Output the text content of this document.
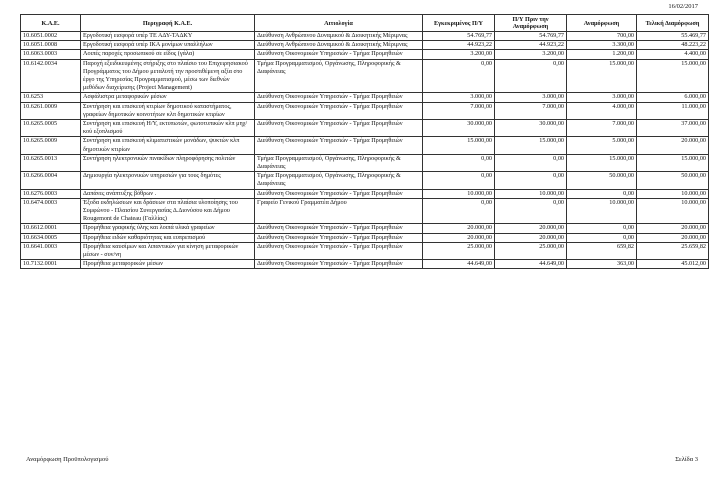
16/02/2017
Κ.Α.Ε.	Περιγραφή Κ.Α.Ε.	Αιτιολογία	Εγκεκριμένος Π/Υ	Π/Υ Πριν την Αναμόρφωση	Αναμόρφωση	Τελική Διαμόρφωση
10.6051.0002	Εργοδοτική εισφορά υπέρ ΤΕ ΑΔΥ-ΤΑΔΚΥ	Διεύθυνση Ανθρώπινου Δυναμικού & Διοικητικής Μέριμνας	54.769,77	54.769,77	700,00	55.469,77
10.6051.0008	Εργοδοτική εισφορά υπέρ ΙΚΑ μονίμων υπαλλήλων	Διεύθυνση Ανθρώπινου Δυναμικού & Διοικητικής Μέριμνας	44.923,22	44.923,22	3.300,00	48.223,22
10.6063.0003	Λοιπές παροχές προσωπικού σε είδος (γάλα)	Διεύθυνση Οικονομικών Υπηρεσιών - Τμήμα Προμηθειών	3.200,00	3.200,00	1.200,00	4.400,00
10.6142.0034	Παροχή εξειδικευμένης στήριξης στο πλαίσιο του Επιχειρησιακού Προγράμματος του Δήμου μεταλυτή την προστιθέμενη αξία στο έργο της Υπηρεσίας Προγραμματισμού, μέσω των διεθνών μεθόδων διαχείρισης (Project Management)	Τμήμα Προγραμματισμού, Οργάνωσης, Πληροφορικής & Διαφάνειας	0,00	0,00	15.000,00	15.000,00
10.6253	Ασφάλιστρα μεταφορικών μέσων	Διεύθυνση Οικονομικών Υπηρεσιών - Τμήμα Προμηθειών	3.000,00	3.000,00	3.000,00	6.000,00
10.6261.0009	Συντήρηση και επισκευή κτιρίων δημοτικού καταστήματος, γραφείων δημοτικών κοινοτήτων κλπ δημοτικών κτιρίων	Διεύθυνση Οικονομικών Υπηρεσιών - Τμήμα Προμηθειών	7.000,00	7.000,00	4.000,00	11.000,00
10.6265.0005	Συντήρηση και επισκευή Η/Υ, εκτυπωτών, φωτοτυπικών κλπ μηχ/κού εξοπλισμού	Διεύθυνση Οικονομικών Υπηρεσιών - Τμήμα Προμηθειών	30.000,00	30.000,00	7.000,00	37.000,00
10.6265.0009	Συντήρηση και επισκευή κλιματιστικών μονάδων, ψυκτών κλπ δημοτικών κτιρίων	Διεύθυνση Οικονομικών Υπηρεσιών - Τμήμα Προμηθειών	15.000,00	15.000,00	5.000,00	20.000,00
10.6265.0013	Συντήρηση ηλεκτρονικών πινακίδων πληροφόρησης πολιτών	Τμήμα Προγραμματισμού, Οργάνωσης, Πληροφορικής & Διαφάνειας	0,00	0,00	15.000,00	15.000,00
10.6266.0004	Δημιουργία ηλεκτρονικών υπηρεσιών για τους δημότες	Τμήμα Προγραμματισμού, Οργάνωσης, Πληροφορικής & Διαφάνειας	0,00	0,00	50.000,00	50.000,00
10.6276.0003	Δαπάνες ανάπτυξης βόθρων .	Διεύθυνση Οικονομικών Υπηρεσιών - Τμήμα Προμηθειών	10.000,00	10.000,00	0,00	10.000,00
10.6474.0003	Έξοδα εκδηλώσεων και δράσεων στα πλαίσια υλοποίησης του Συμφώνου - Πλαισίου Συνεργασίας Δ.Διονύσου και Δήμου Rougemont de Chateau (Γαλλίας)	Γραφείο Γενικού Γραμματέα Δήμου	0,00	0,00	10.000,00	10.000,00
10.6612.0001	Προμήθεια γραφικής ύλης και λοιπά υλικά γραφείων	Διεύθυνση Οικονομικών Υπηρεσιών - Τμήμα Προμηθειών	20.000,00	20.000,00	0,00	20.000,00
10.6634.0005	Προμήθεια ειδών καθαριότητας και ευπρεπισμού	Διεύθυνση Οικονομικών Υπηρεσιών - Τμήμα Προμηθειών	20.000,00	20.000,00	0,00	20.000,00
10.6641.0003	Προμήθεια καυσίμων και λιπαντικών για κίνηση μεταφορικών μέσων - συν/νη	Διεύθυνση Οικονομικών Υπηρεσιών - Τμήμα Προμηθειών	25.000,00	25.000,00	659,82	25.659,82
10.7132.0001	Προμήθεια μεταφορικών μέσων	Διεύθυνση Οικονομικών Υπηρεσιών - Τμήμα Προμηθειών	44.649,00	44.649,00	363,00	45.012,00
Αναμόρφωση Προϋπολογισμού	Σελίδα 3
